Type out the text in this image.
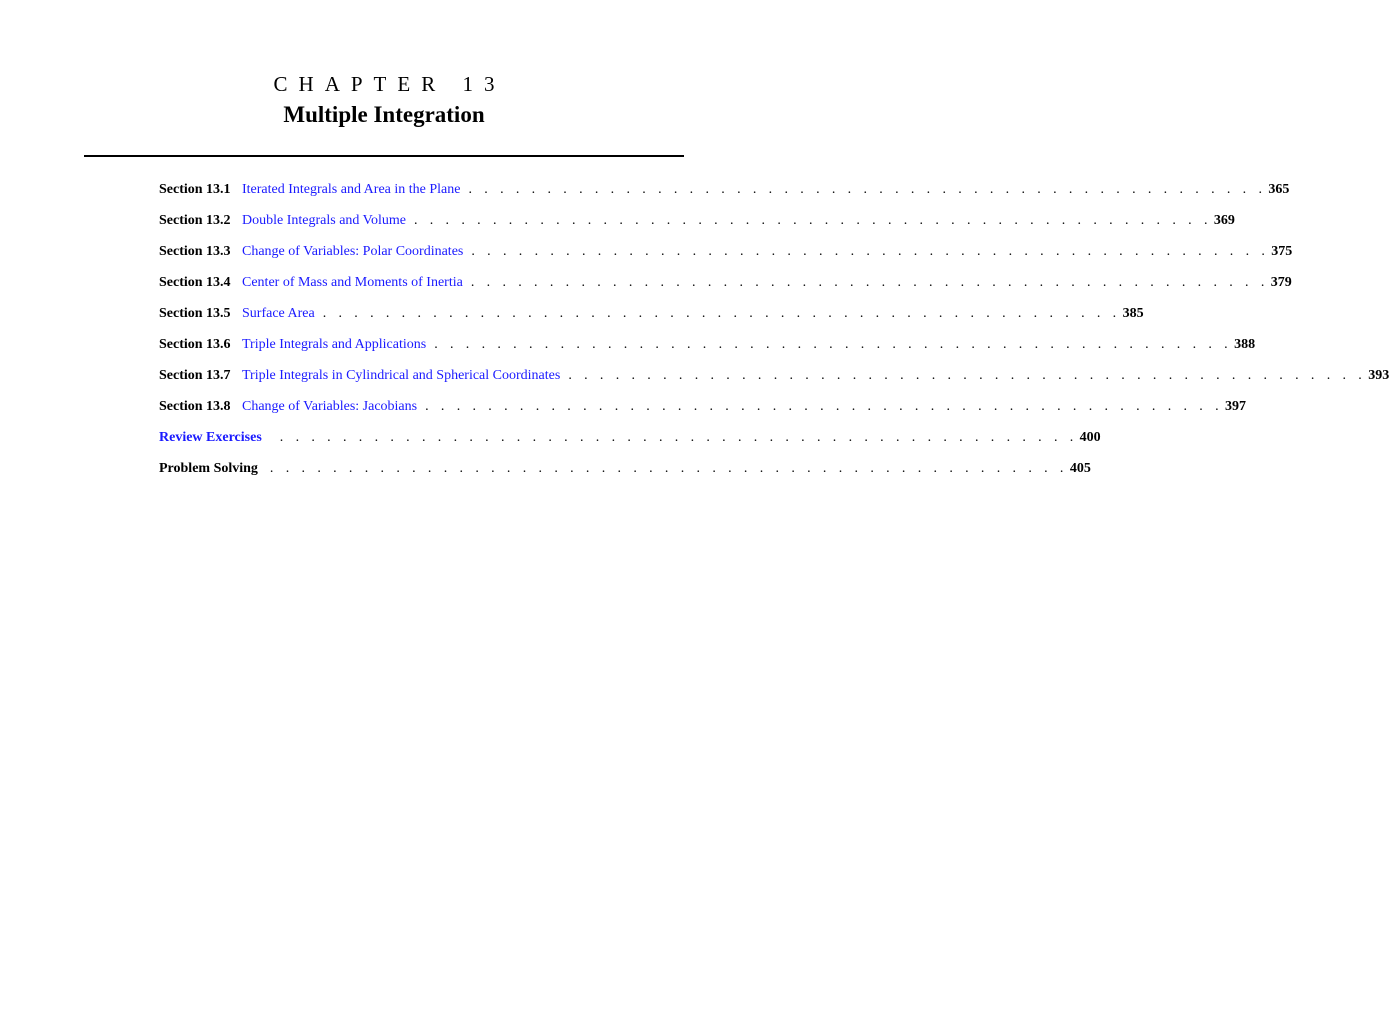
CHAPTER 13
Multiple Integration
Section 13.1 Iterated Integrals and Area in the Plane . . . . . . . . . . . . . . . . . . . . . . . . . . . . . . . . . . . . . . . . . . . . . . . . . . . 365
Section 13.2 Double Integrals and Volume . . . . . . . . . . . . . . . . . . . . . . . . . . . . . . . . . . . . . . . . . . . . . . . . . . . 369
Section 13.3 Change of Variables: Polar Coordinates . . . . . . . . . . . . . . . . . . . . . . . . . . . . . . . . . . . . . . . . . . . . . . . . . . . 375
Section 13.4 Center of Mass and Moments of Inertia . . . . . . . . . . . . . . . . . . . . . . . . . . . . . . . . . . . . . . . . . . . . . . . . . . . 379
Section 13.5 Surface Area . . . . . . . . . . . . . . . . . . . . . . . . . . . . . . . . . . . . . . . . . . . . . . . . . . . 385
Section 13.6 Triple Integrals and Applications . . . . . . . . . . . . . . . . . . . . . . . . . . . . . . . . . . . . . . . . . . . . . . . . . . . 388
Section 13.7 Triple Integrals in Cylindrical and Spherical Coordinates . . . . . . . . . . . . . . . . . . . . . . . . . . . . . . . . . . . . . . . . . . . . . . . . . . . 393
Section 13.8 Change of Variables: Jacobians . . . . . . . . . . . . . . . . . . . . . . . . . . . . . . . . . . . . . . . . . . . . . . . . . . . 397
Review Exercises . . . . . . . . . . . . . . . . . . . . . . . . . . . . . . . . . . . . . . . . . . . . . . . . . . . 400
Problem Solving . . . . . . . . . . . . . . . . . . . . . . . . . . . . . . . . . . . . . . . . . . . . . . . . . . . 405
